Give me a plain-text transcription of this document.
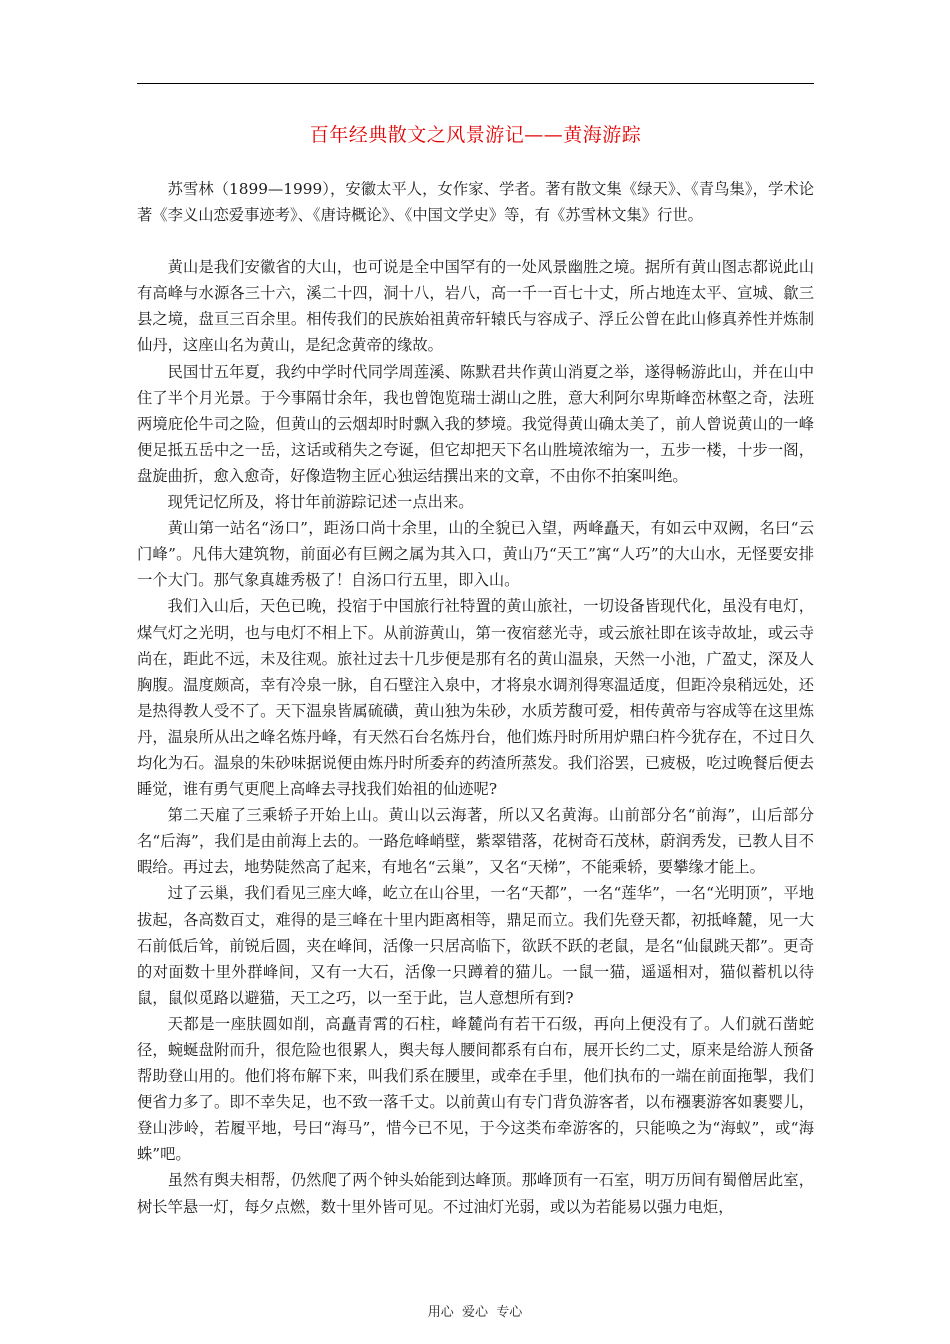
百年经典散文之风景游记——黄海游踪

苏雪林（1899—1999），安徽太平人，女作家、学者。著有散文集《绿天》、《青鸟集》，学术论著《李义山恋爱事迹考》、《唐诗概论》、《中国文学史》等，有《苏雪林文集》行世。

黄山是我们安徽省的大山，也可说是全中国罕有的一处风景幽胜之境。据所有黄山图志都说此山有高峰与水源各三十六，溪二十四，洞十八，岩八，高一千一百七十丈，所占地连太平、宣城、歙三县之境，盘亘三百余里。相传我们的民族始祖黄帝轩辕氏与容成子、浮丘公曾在此山修真养性并炼制仙丹，这座山名为黄山，是纪念黄帝的缘故。

民国廿五年夏，我约中学时代同学周莲溪、陈默君共作黄山消夏之举，遂得畅游此山，并在山中住了半个月光景。于今事隔廿余年，我也曾饱览瑞士湖山之胜，意大利阿尔卑斯峰峦林壑之奇，法班两境庇伦牛司之险，但黄山的云烟却时时飘入我的梦境。我觉得黄山确太美了，前人曾说黄山的一峰便足抵五岳中之一岳，这话或稍失之夸诞，但它却把天下名山胜境浓缩为一，五步一楼，十步一阁，盘旋曲折，愈入愈奇，好像造物主匠心独运结撰出来的文章，不由你不拍案叫绝。

现凭记忆所及，将廿年前游踪记述一点出来。

黄山第一站名“汤口”，距汤口尚十余里，山的全貌已入望，两峰矗天，有如云中双阙，名曰“云门峰”。凡伟大建筑物，前面必有巨阙之属为其入口，黄山乃“天工”寓“人巧”的大山水，无怪要安排一个大门。那气象真雄秀极了！自汤口行五里，即入山。

我们入山后，天色已晚，投宿于中国旅行社特置的黄山旅社，一切设备皆现代化，虽没有电灯，煤气灯之光明，也与电灯不相上下。从前游黄山，第一夜宿慈光寺，或云旅社即在该寺故址，或云寺尚在，距此不远，未及往观。旅社过去十几步便是那有名的黄山温泉，天然一小池，广盈丈，深及人胸腹。温度颇高，幸有冷泉一脉，自石壁注入泉中，才将泉水调剂得寒温适度，但距冷泉稍远处，还是热得教人受不了。天下温泉皆属硫磺，黄山独为朱砂，水质芳馥可爱，相传黄帝与容成等在这里炼丹，温泉所从出之峰名炼丹峰，有天然石台名炼丹台，他们炼丹时所用炉鼎臼杵今犹存在，不过日久均化为石。温泉的朱砂味据说便由炼丹时所委弃的药渣所蒸发。我们浴罢，已疲极，吃过晚餐后便去睡觉，谁有勇气更爬上高峰去寻找我们始祖的仙迹呢?

第二天雇了三乘轿子开始上山。黄山以云海著，所以又名黄海。山前部分名“前海”，山后部分名“后海”，我们是由前海上去的。一路危峰峭壁，紫翠错落，花树奇石茂林，蔚润秀发，已教人目不暇给。再过去，地势陡然高了起来，有地名“云巢”，又名“天梯”，不能乘轿，要攀缘才能上。

过了云巢，我们看见三座大峰，屹立在山谷里，一名“天都”，一名“莲华”，一名“光明顶”，平地拔起，各高数百丈，难得的是三峰在十里内距离相等，鼎足而立。我们先登天都，初抵峰麓，见一大石前低后耸，前锐后圆，夹在峰间，活像一只居高临下，欲跃不跃的老鼠，是名“仙鼠跳天都”。更奇的对面数十里外群峰间，又有一大石，活像一只蹲着的猫儿。一鼠一猫，遥遥相对，猫似蓄机以待鼠，鼠似觅路以避猫，天工之巧，以一至于此，岂人意想所有到?

天都是一座肤圆如削，高矗青霄的石柱，峰麓尚有若干石级，再向上便没有了。人们就石凿蛇径，蜿蜒盘附而升，很危险也很累人，舆夫每人腰间都系有白布，展开长约二丈，原来是给游人预备帮助登山用的。他们将布解下来，叫我们系在腰里，或牵在手里，他们执布的一端在前面拖掣，我们便省力多了。即不幸失足，也不致一落千丈。以前黄山有专门背负游客者，以布襁裹游客如裹婴儿，登山涉岭，若履平地，号曰“海马”，惜今已不见，于今这类布牵游客的，只能唤之为“海蚁”，或“海蛛”吧。

虽然有舆夫相帮，仍然爬了两个钟头始能到达峰顶。那峰顶有一石室，明万历间有蜀僧居此室，树长竿悬一灯，每夕点燃，数十里外皆可见。不过油灯光弱，或以为若能易以强力电炬，

用心  爱心  专心
